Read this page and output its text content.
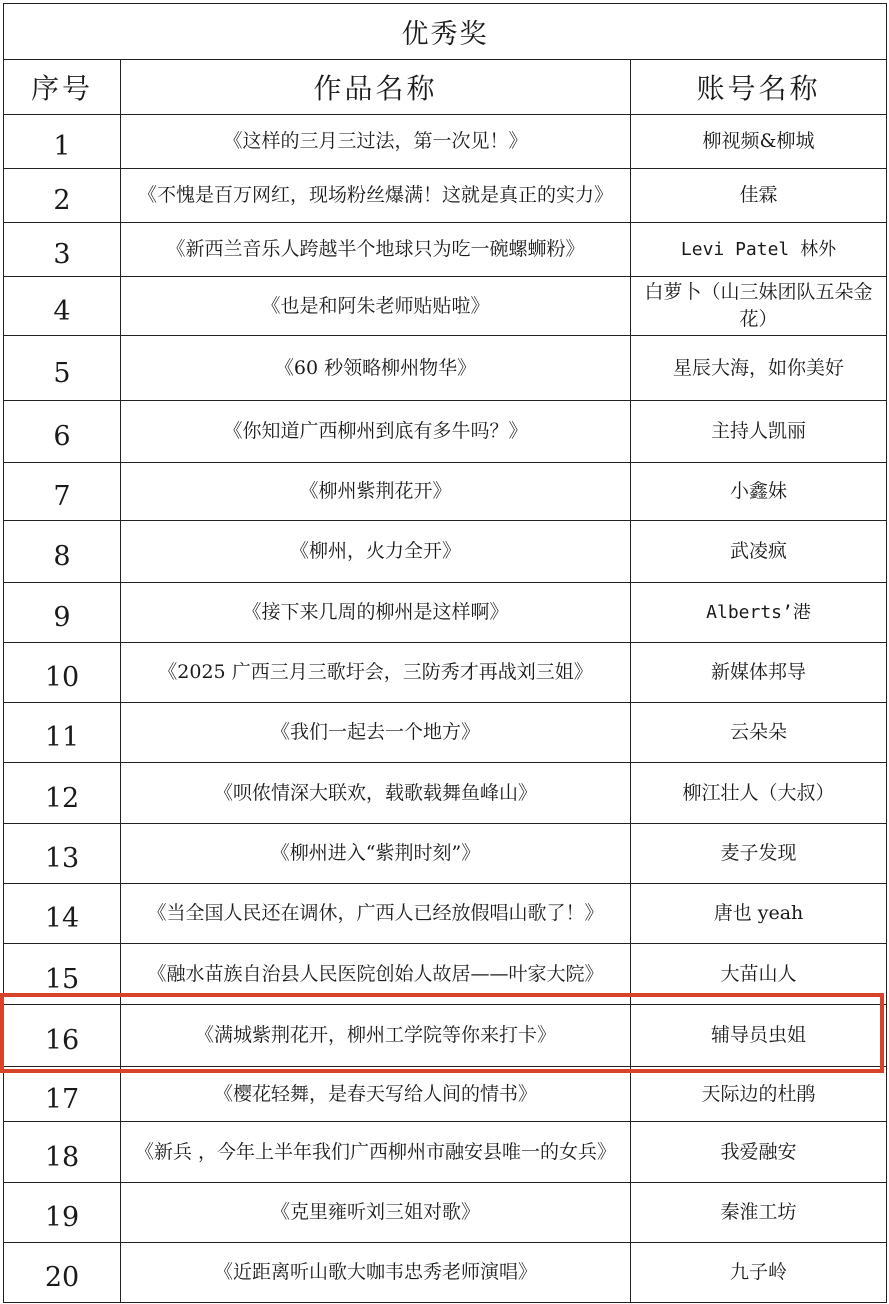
优秀奖		
序号	作品名称	账号名称
1	《这样的三月三过法，第一次见！》	柳视频&柳城
2	《不愧是百万网红，现场粉丝爆满！这就是真正的实力》	佳霖
3	《新西兰音乐人跨越半个地球只为吃一碗螺蛳粉》	Levi Patel 林外
4	《也是和阿朱老师贴贴啦》	白萝卜（山三妹团队五朵金花）
5	《60 秒领略柳州物华》	星辰大海，如你美好
6	《你知道广西柳州到底有多牛吗？》	主持人凯丽
7	《柳州紫荆花开》	小鑫妹
8	《柳州，火力全开》	武凌疯
9	《接下来几周的柳州是这样啊》	Alberts’港
10	《2025 广西三月三歌圩会，三防秀才再战刘三姐》	新媒体邦导
11	《我们一起去一个地方》	云朵朵
12	《呗侬情深大联欢，载歌载舞鱼峰山》	柳江壮人（大叔）
13	《柳州进入“紫荆时刻”》	麦子发现
14	《当全国人民还在调休，广西人已经放假唱山歌了！》	唐也 yeah
15	《融水苗族自治县人民医院创始人故居——叶家大院》	大苗山人
16	《满城紫荆花开，柳州工学院等你来打卡》	辅导员虫姐
17	《樱花轻舞，是春天写给人间的情书》	天际边的杜鹃
18	《新兵 ，今年上半年我们广西柳州市融安县唯一的女兵》	我爱融安
19	《克里雍听刘三姐对歌》	秦淮工坊
20	《近距离听山歌大咖韦忠秀老师演唱》	九子岭
